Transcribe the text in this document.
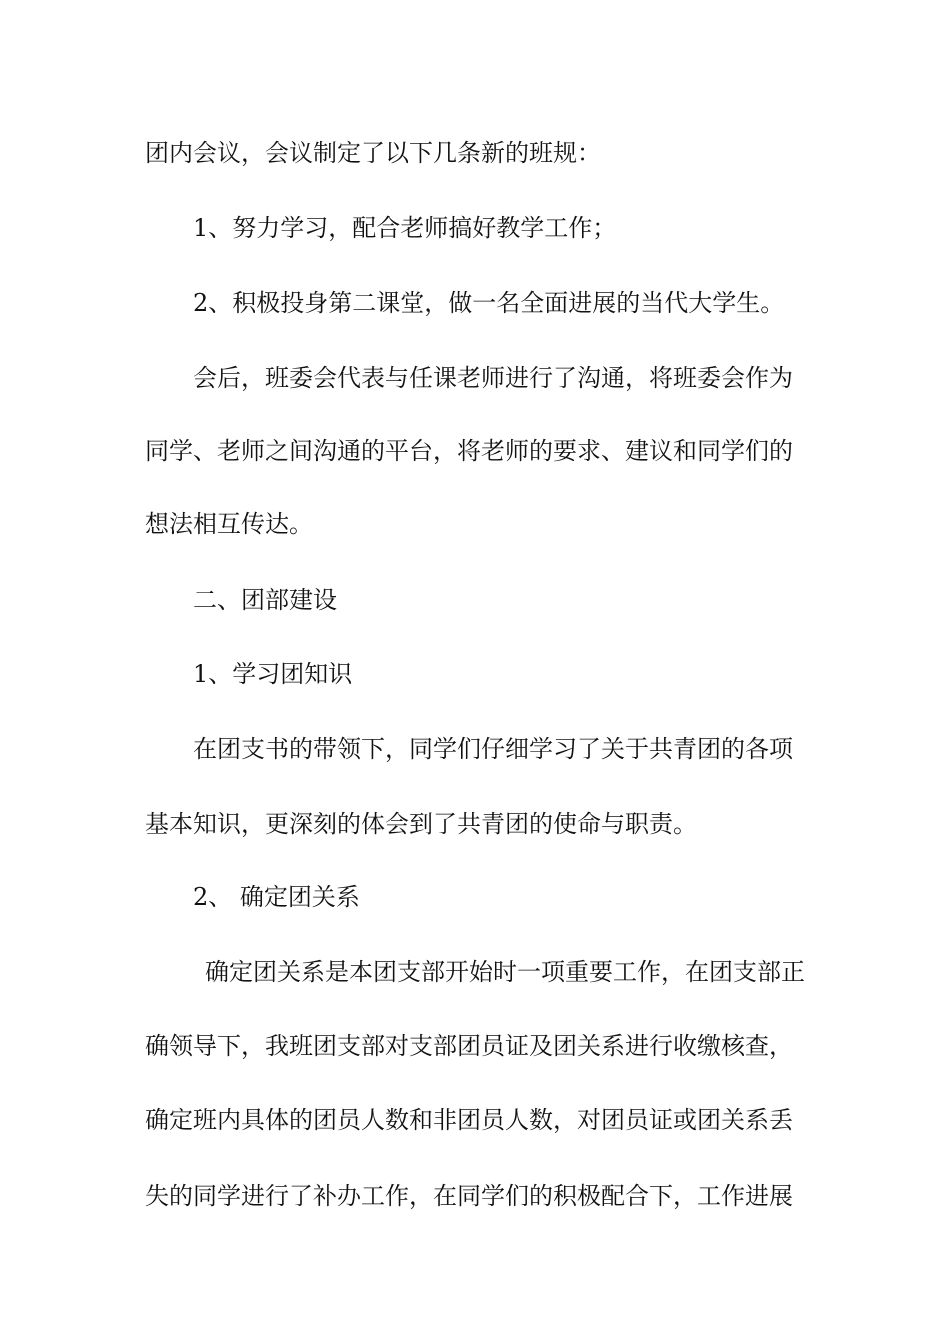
团内会议，会议制定了以下几条新的班规：

1、努力学习，配合老师搞好教学工作；

2、积极投身第二课堂，做一名全面进展的当代大学生。

会后，班委会代表与任课老师进行了沟通，将班委会作为

同学、老师之间沟通的平台，将老师的要求、建议和同学们的

想法相互传达。

二、团部建设

1、学习团知识

在团支书的带领下，同学们仔细学习了关于共青团的各项

基本知识，更深刻的体会到了共青团的使命与职责。

2、 确定团关系

确定团关系是本团支部开始时一项重要工作，在团支部正

确领导下，我班团支部对支部团员证及团关系进行收缴核查，

确定班内具体的团员人数和非团员人数，对团员证或团关系丢

失的同学进行了补办工作，在同学们的积极配合下，工作进展
